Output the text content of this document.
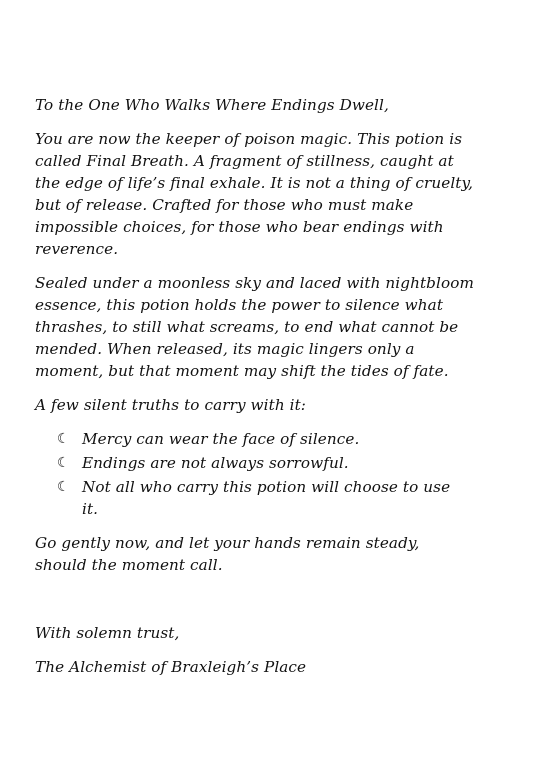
To the One Who Walks Where Endings Dwell,

You are now the keeper of poison magic. This potion is called Final Breath. A fragment of stillness, caught at the edge of life’s final exhale. It is not a thing of cruelty, but of release. Crafted for those who must make impossible choices, for those who bear endings with reverence.

Sealed under a moonless sky and laced with nightbloom essence, this potion holds the power to silence what thrashes, to still what screams, to end what cannot be mended. When released, its magic lingers only a moment, but that moment may shift the tides of fate.

A few silent truths to carry with it:

☾ Mercy can wear the face of silence.
☾ Endings are not always sorrowful.
☾ Not all who carry this potion will choose to use it.

Go gently now, and let your hands remain steady, should the moment call.

With solemn trust,

The Alchemist of Braxleigh’s Place
